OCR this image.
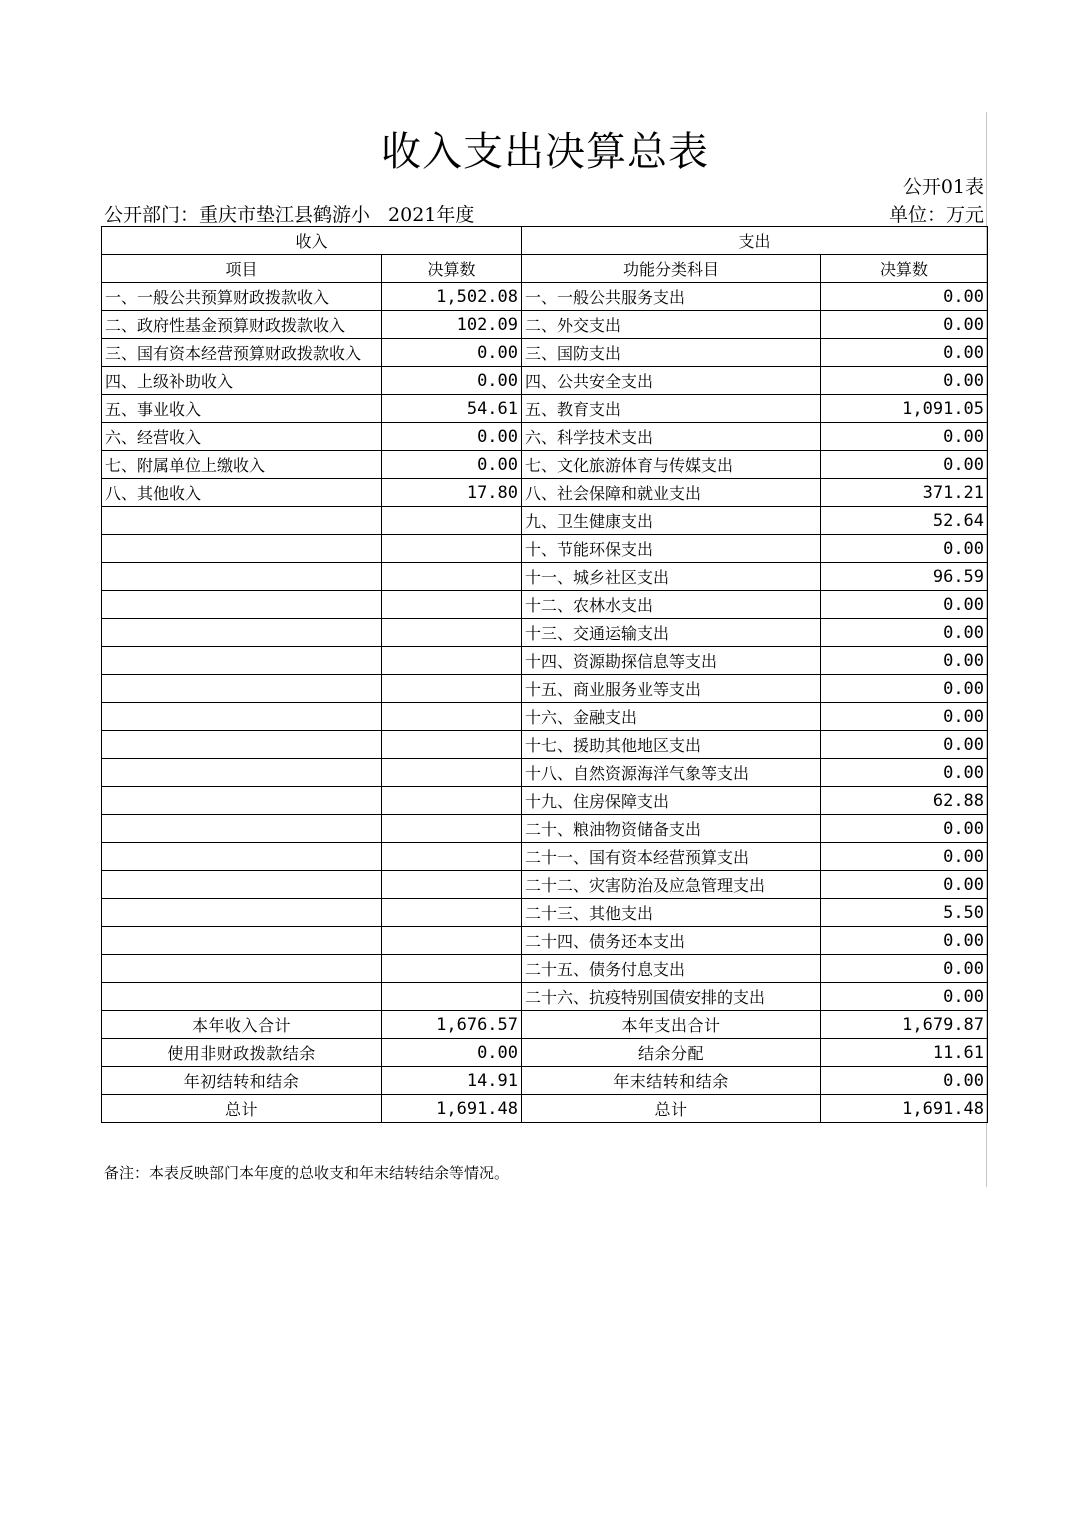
收入支出决算总表
公开01表
公开部门：重庆市垫江县鹤游小 2021年度	单位：万元
收入		支出	
项目	决算数	功能分类科目	决算数
一、一般公共预算财政拨款收入	1,502.08	一、一般公共服务支出	0.00
二、政府性基金预算财政拨款收入	102.09	二、外交支出	0.00
三、国有资本经营预算财政拨款收入	0.00	三、国防支出	0.00
四、上级补助收入	0.00	四、公共安全支出	0.00
五、事业收入	54.61	五、教育支出	1,091.05
六、经营收入	0.00	六、科学技术支出	0.00
七、附属单位上缴收入	0.00	七、文化旅游体育与传媒支出	0.00
八、其他收入	17.80	八、社会保障和就业支出	371.21
		九、卫生健康支出	52.64
		十、节能环保支出	0.00
		十一、城乡社区支出	96.59
		十二、农林水支出	0.00
		十三、交通运输支出	0.00
		十四、资源勘探信息等支出	0.00
		十五、商业服务业等支出	0.00
		十六、金融支出	0.00
		十七、援助其他地区支出	0.00
		十八、自然资源海洋气象等支出	0.00
		十九、住房保障支出	62.88
		二十、粮油物资储备支出	0.00
		二十一、国有资本经营预算支出	0.00
		二十二、灾害防治及应急管理支出	0.00
		二十三、其他支出	5.50
		二十四、债务还本支出	0.00
		二十五、债务付息支出	0.00
		二十六、抗疫特别国债安排的支出	0.00
本年收入合计	1,676.57	本年支出合计	1,679.87
使用非财政拨款结余	0.00	结余分配	11.61
年初结转和结余	14.91	年末结转和结余	0.00
总计	1,691.48	总计	1,691.48
备注：本表反映部门本年度的总收支和年末结转结余等情况。
